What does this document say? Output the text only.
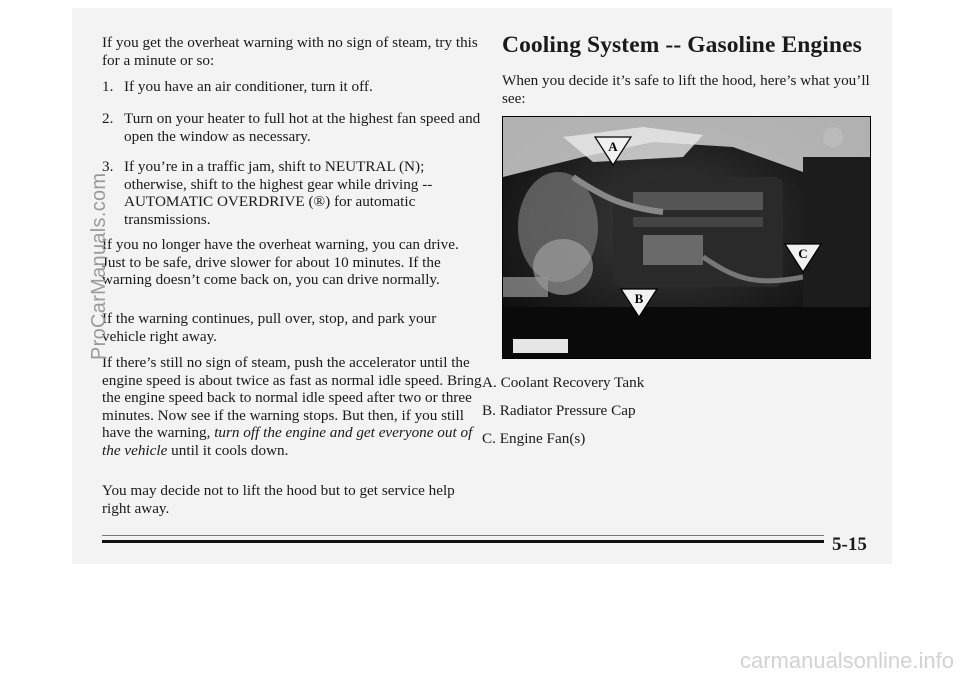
If you get the overheat warning with no sign of steam, try this for a minute or so:

1. If you have an air conditioner, turn it off.
2. Turn on your heater to full hot at the highest fan speed and open the window as necessary.
3. If you’re in a traffic jam, shift to NEUTRAL (N); otherwise, shift to the highest gear while driving -- AUTOMATIC OVERDRIVE (®) for automatic transmissions.

If you no longer have the overheat warning, you can drive. Just to be safe, drive slower for about 10 minutes. If the warning doesn’t come back on, you can drive normally.

If the warning continues, pull over, stop, and park your vehicle right away.

If there’s still no sign of steam, push the accelerator until the engine speed is about twice as fast as normal idle speed. Bring the engine speed back to normal idle speed after two or three minutes. Now see if the warning stops. But then, if you still have the warning, turn off the engine and get everyone out of the vehicle until it cools down.

You may decide not to lift the hood but to get service help right away.

Cooling System -- Gasoline Engines

When you decide it’s safe to lift the hood, here’s what you’ll see:

A
B
C
A. Coolant Recovery Tank
B. Radiator Pressure Cap
C. Engine Fan(s)
5-15
ProCarManuals.com
carmanualsonline.info
